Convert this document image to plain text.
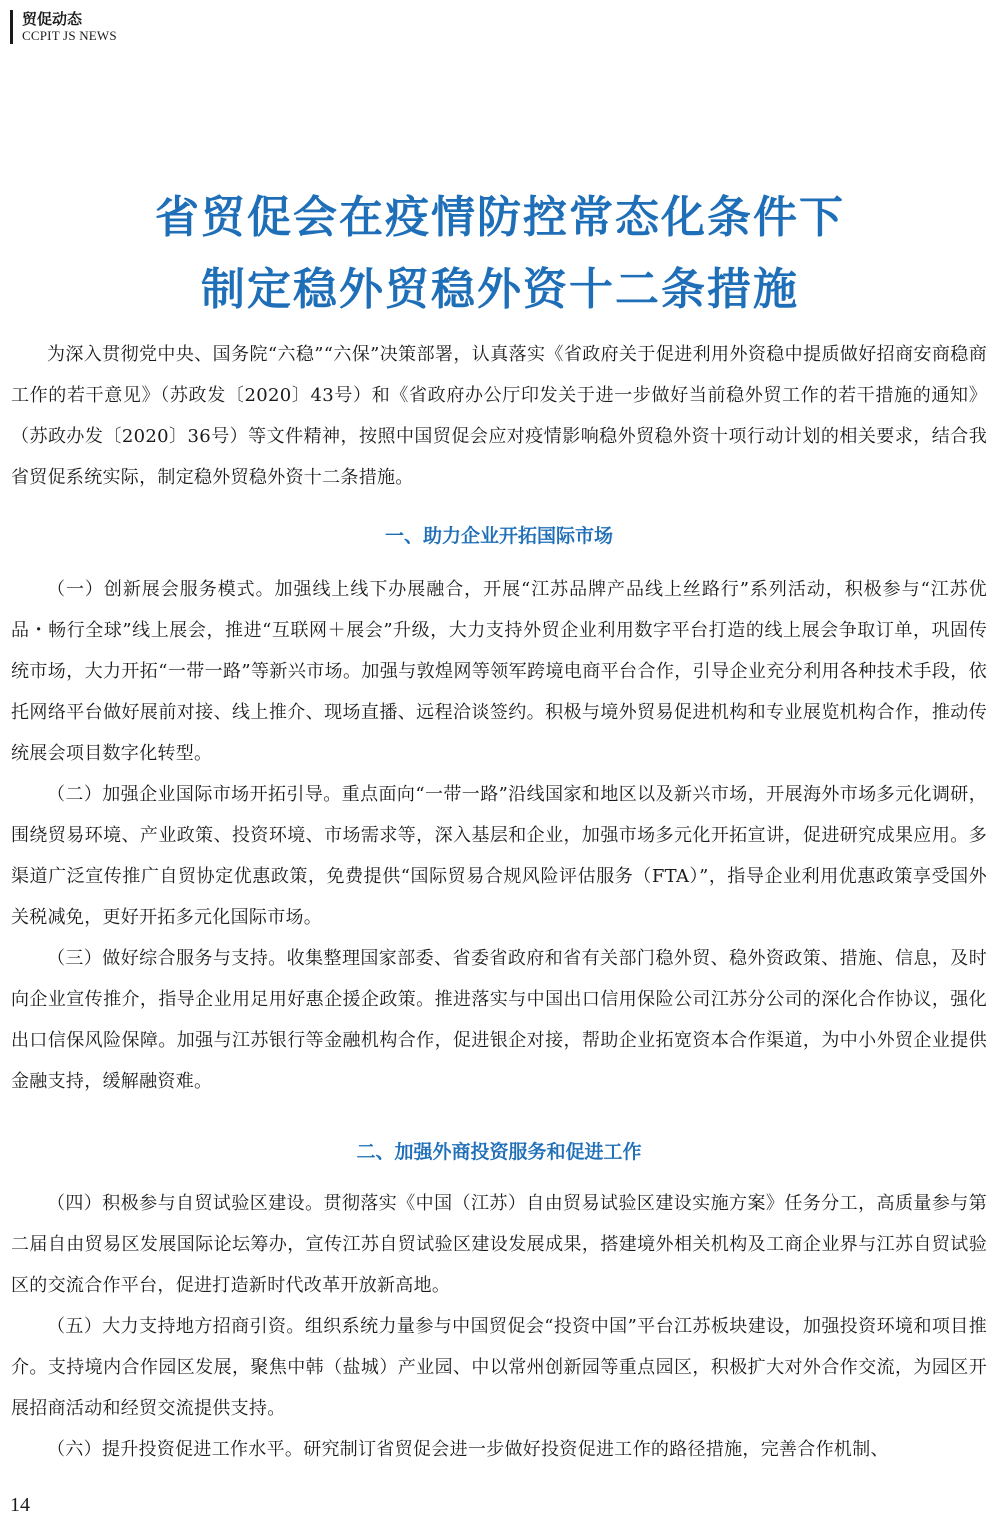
贸促动态
CCPIT JS NEWS
省贸促会在疫情防控常态化条件下
制定稳外贸稳外资十二条措施

为深入贯彻党中央、国务院“六稳”“六保”决策部署，认真落实《省政府关于促进利用外资稳中提质做好招商安商稳商工作的若干意见》（苏政发〔2020〕43号）和《省政府办公厅印发关于进一步做好当前稳外贸工作的若干措施的通知》（苏政办发〔2020〕36号）等文件精神，按照中国贸促会应对疫情影响稳外贸稳外资十项行动计划的相关要求，结合我省贸促系统实际，制定稳外贸稳外资十二条措施。

一、助力企业开拓国际市场

（一）创新展会服务模式。加强线上线下办展融合，开展“江苏品牌产品线上丝路行”系列活动，积极参与“江苏优品・畅行全球”线上展会，推进“互联网＋展会”升级，大力支持外贸企业利用数字平台打造的线上展会争取订单，巩固传统市场，大力开拓“一带一路”等新兴市场。加强与敦煌网等领军跨境电商平台合作，引导企业充分利用各种技术手段，依托网络平台做好展前对接、线上推介、现场直播、远程洽谈签约。积极与境外贸易促进机构和专业展览机构合作，推动传统展会项目数字化转型。

（二）加强企业国际市场开拓引导。重点面向“一带一路”沿线国家和地区以及新兴市场，开展海外市场多元化调研，围绕贸易环境、产业政策、投资环境、市场需求等，深入基层和企业，加强市场多元化开拓宣讲，促进研究成果应用。多渠道广泛宣传推广自贸协定优惠政策，免费提供“国际贸易合规风险评估服务（FTA）”，指导企业利用优惠政策享受国外关税减免，更好开拓多元化国际市场。

（三）做好综合服务与支持。收集整理国家部委、省委省政府和省有关部门稳外贸、稳外资政策、措施、信息，及时向企业宣传推介，指导企业用足用好惠企援企政策。推进落实与中国出口信用保险公司江苏分公司的深化合作协议，强化出口信保风险保障。加强与江苏银行等金融机构合作，促进银企对接，帮助企业拓宽资本合作渠道，为中小外贸企业提供金融支持，缓解融资难。

二、加强外商投资服务和促进工作

（四）积极参与自贸试验区建设。贯彻落实《中国（江苏）自由贸易试验区建设实施方案》任务分工，高质量参与第二届自由贸易区发展国际论坛筹办，宣传江苏自贸试验区建设发展成果，搭建境外相关机构及工商企业界与江苏自贸试验区的交流合作平台，促进打造新时代改革开放新高地。

（五）大力支持地方招商引资。组织系统力量参与中国贸促会“投资中国”平台江苏板块建设，加强投资环境和项目推介。支持境内合作园区发展，聚焦中韩（盐城）产业园、中以常州创新园等重点园区，积极扩大对外合作交流，为园区开展招商活动和经贸交流提供支持。

（六）提升投资促进工作水平。研究制订省贸促会进一步做好投资促进工作的路径措施，完善合作机制、

14
